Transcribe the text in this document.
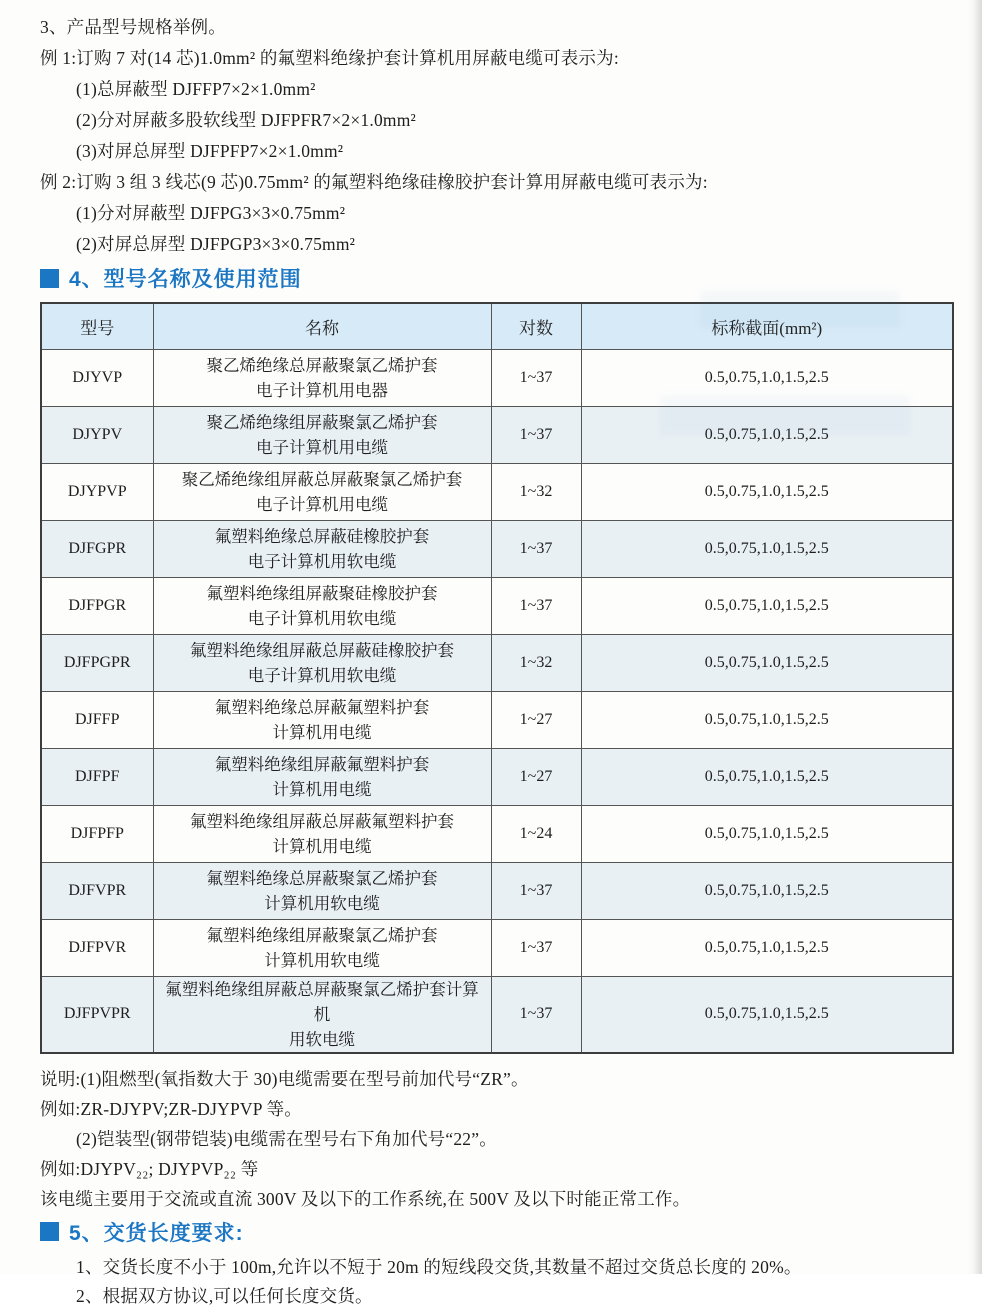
3、产品型号规格举例。

例 1:订购 7 对(14 芯)1.0mm² 的氟塑料绝缘护套计算机用屏蔽电缆可表示为:

(1)总屏蔽型 DJFFP7×2×1.0mm²

(2)分对屏蔽多股软线型 DJFPFR7×2×1.0mm²

(3)对屏总屏型 DJFPFP7×2×1.0mm²

例 2:订购 3 组 3 线芯(9 芯)0.75mm² 的氟塑料绝缘硅橡胶护套计算用屏蔽电缆可表示为:

(1)分对屏蔽型 DJFPG3×3×0.75mm²

(2)对屏总屏型 DJFPGP3×3×0.75mm²

4、型号名称及使用范围
型号	名称	对数	标称截面(mm²)
DJYVP	聚乙烯绝缘总屏蔽聚氯乙烯护套
电子计算机用电器	1~37	0.5,0.75,1.0,1.5,2.5
DJYPV	聚乙烯绝缘组屏蔽聚氯乙烯护套
电子计算机用电缆	1~37	0.5,0.75,1.0,1.5,2.5
DJYPVP	聚乙烯绝缘组屏蔽总屏蔽聚氯乙烯护套
电子计算机用电缆	1~32	0.5,0.75,1.0,1.5,2.5
DJFGPR	氟塑料绝缘总屏蔽硅橡胶护套
电子计算机用软电缆	1~37	0.5,0.75,1.0,1.5,2.5
DJFPGR	氟塑料绝缘组屏蔽聚硅橡胶护套
电子计算机用软电缆	1~37	0.5,0.75,1.0,1.5,2.5
DJFPGPR	氟塑料绝缘组屏蔽总屏蔽硅橡胶护套
电子计算机用软电缆	1~32	0.5,0.75,1.0,1.5,2.5
DJFFP	氟塑料绝缘总屏蔽氟塑料护套
计算机用电缆	1~27	0.5,0.75,1.0,1.5,2.5
DJFPF	氟塑料绝缘组屏蔽氟塑料护套
计算机用电缆	1~27	0.5,0.75,1.0,1.5,2.5
DJFPFP	氟塑料绝缘组屏蔽总屏蔽氟塑料护套
计算机用电缆	1~24	0.5,0.75,1.0,1.5,2.5
DJFVPR	氟塑料绝缘总屏蔽聚氯乙烯护套
计算机用软电缆	1~37	0.5,0.75,1.0,1.5,2.5
DJFPVR	氟塑料绝缘组屏蔽聚氯乙烯护套
计算机用软电缆	1~37	0.5,0.75,1.0,1.5,2.5
DJFPVPR	氟塑料绝缘组屏蔽总屏蔽聚氯乙烯护套计算机
用软电缆	1~37	0.5,0.75,1.0,1.5,2.5

说明:(1)阻燃型(氧指数大于 30)电缆需要在型号前加代号“ZR”。

例如:ZR-DJYPV;ZR-DJYPVP 等。

(2)铠装型(钢带铠装)电缆需在型号右下角加代号“22”。

例如:DJYPV₂₂; DJYPVP₂₂ 等

该电缆主要用于交流或直流 300V 及以下的工作系统,在 500V 及以下时能正常工作。

5、交货长度要求:

1、交货长度不小于 100m,允许以不短于 20m 的短线段交货,其数量不超过交货总长度的 20%。

2、根据双方协议,可以任何长度交货。
